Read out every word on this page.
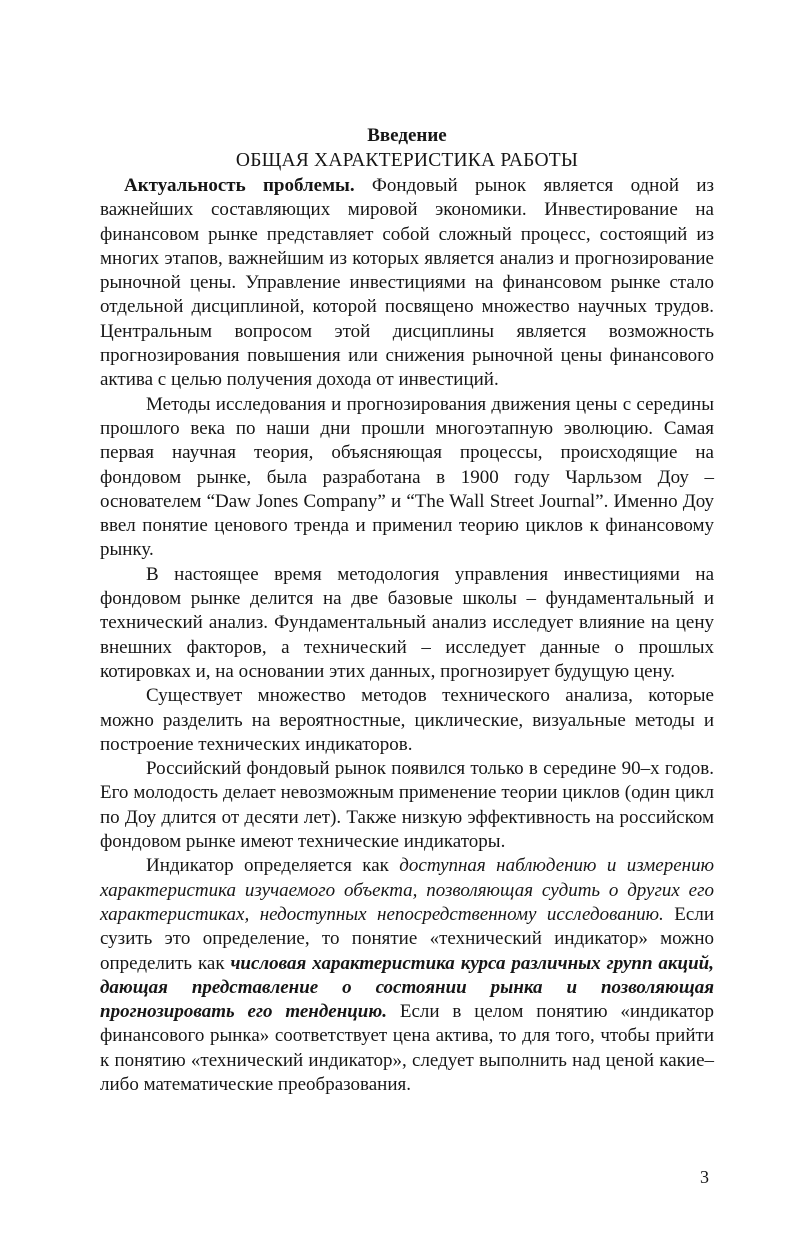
Введение
ОБЩАЯ ХАРАКТЕРИСТИКА РАБОТЫ

Актуальность проблемы. Фондовый рынок является одной из важнейших составляющих мировой экономики. Инвестирование на финансовом рынке представляет собой сложный процесс, состоящий из многих этапов, важнейшим из которых является анализ и прогнозирование рыночной цены. Управление инвестициями на финансовом рынке стало отдельной дисциплиной, которой посвящено множество научных трудов. Центральным вопросом этой дисциплины является возможность прогнозирования повышения или снижения рыночной цены финансового актива с целью получения дохода от инвестиций.

Методы исследования и прогнозирования движения цены с середины прошлого века по наши дни прошли многоэтапную эволюцию. Самая первая научная теория, объясняющая процессы, происходящие на фондовом рынке, была разработана в 1900 году Чарльзом Доу – основателем “Daw Jones Company” и “The Wall Street Journal”. Именно Доу ввел понятие ценового тренда и применил теорию циклов к финансовому рынку.

В настоящее время методология управления инвестициями на фондовом рынке делится на две базовые школы – фундаментальный и технический анализ. Фундаментальный анализ исследует влияние на цену внешних факторов, а технический – исследует данные о прошлых котировках и, на основании этих данных, прогнозирует будущую цену.

Существует множество методов технического анализа, которые можно разделить на вероятностные, циклические, визуальные методы и построение технических индикаторов.

Российский фондовый рынок появился только в середине 90–х годов. Его молодость делает невозможным применение теории циклов (один цикл по Доу длится от десяти лет). Также низкую эффективность на российском фондовом рынке имеют технические индикаторы.

Индикатор определяется как доступная наблюдению и измерению характеристика изучаемого объекта, позволяющая судить о других его характеристиках, недоступных непосредственному исследованию. Если сузить это определение, то понятие «технический индикатор» можно определить как числовая характеристика курса различных групп акций, дающая представление о состоянии рынка и позволяющая прогнозировать его тенденцию. Если в целом понятию «индикатор финансового рынка» соответствует цена актива, то для того, чтобы прийти к понятию «технический индикатор», следует выполнить над ценой какие–либо математические преобразования.

3
